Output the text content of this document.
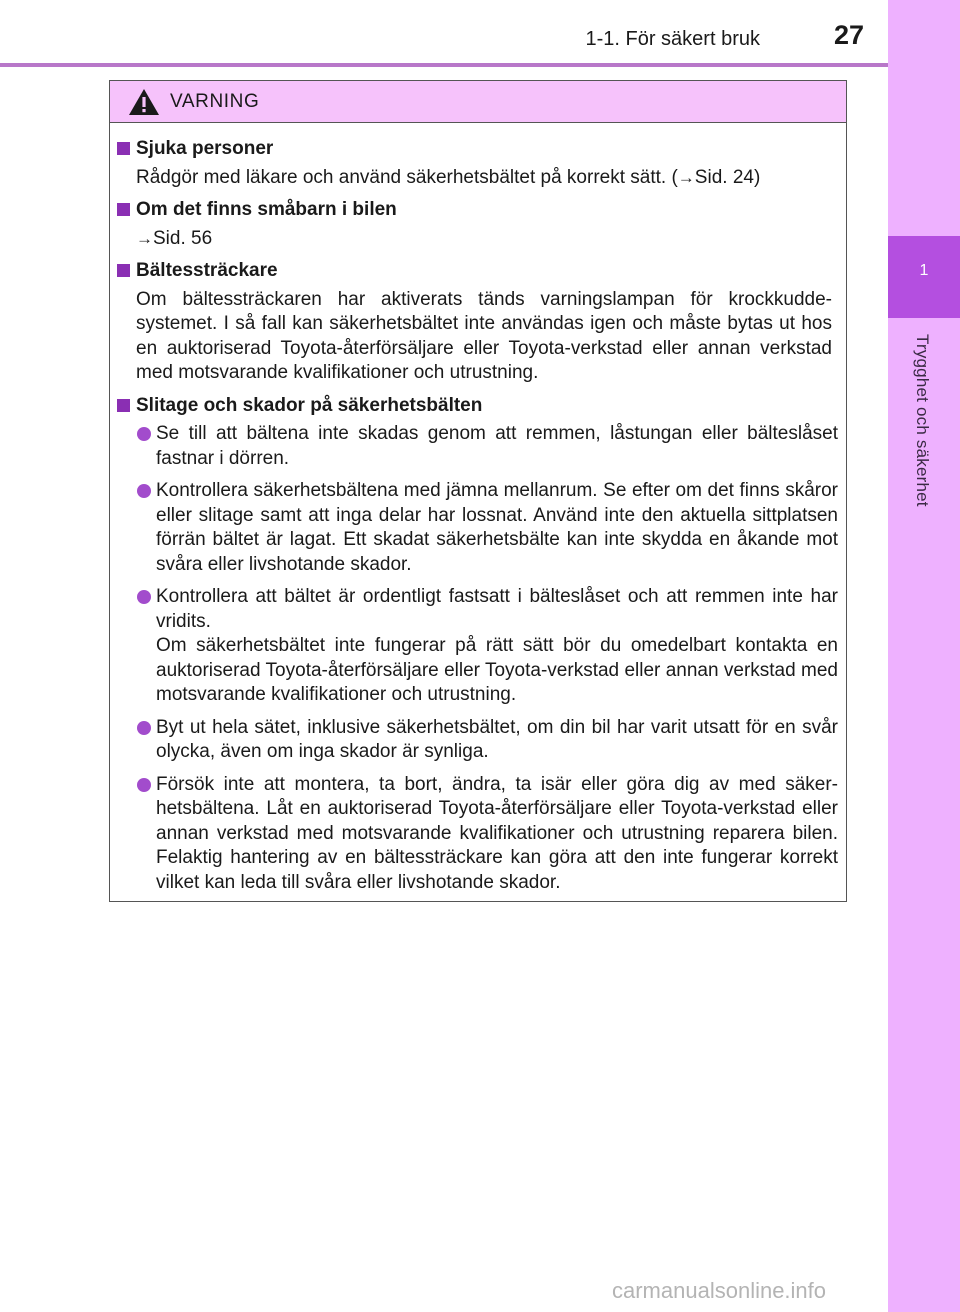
1-1. För säkert bruk	27
1
Trygghet och säkerhet
VARNING
Sjuka personer
Rådgör med läkare och använd säkerhetsbältet på korrekt sätt. (→Sid. 24)
Om det finns småbarn i bilen
→Sid. 56
Bältessträckare
Om bältessträckaren har aktiverats tänds varningslampan för krockkudde-systemet. I så fall kan säkerhetsbältet inte användas igen och måste bytas ut hos en auktoriserad Toyota-återförsäljare eller Toyota-verkstad eller annan verkstad med motsvarande kvalifikationer och utrustning.
Slitage och skador på säkerhetsbälten
Se till att bältena inte skadas genom att remmen, låstungan eller bälteslåset fastnar i dörren.
Kontrollera säkerhetsbältena med jämna mellanrum. Se efter om det finns skåror eller slitage samt att inga delar har lossnat. Använd inte den aktuella sittplatsen förrän bältet är lagat. Ett skadat säkerhetsbälte kan inte skydda en åkande mot svåra eller livshotande skador.
Kontrollera att bältet är ordentligt fastsatt i bälteslåset och att remmen inte har vridits.
Om säkerhetsbältet inte fungerar på rätt sätt bör du omedelbart kontakta en auktoriserad Toyota-återförsäljare eller Toyota-verkstad eller annan verkstad med motsvarande kvalifikationer och utrustning.
Byt ut hela sätet, inklusive säkerhetsbältet, om din bil har varit utsatt för en svår olycka, även om inga skador är synliga.
Försök inte att montera, ta bort, ändra, ta isär eller göra dig av med säker-hetsbältena. Låt en auktoriserad Toyota-återförsäljare eller Toyota-verkstad eller annan verkstad med motsvarande kvalifikationer och utrustning reparera bilen. Felaktig hantering av en bältessträckare kan göra att den inte fungerar korrekt vilket kan leda till svåra eller livshotande skador.
carmanualsonline.info
